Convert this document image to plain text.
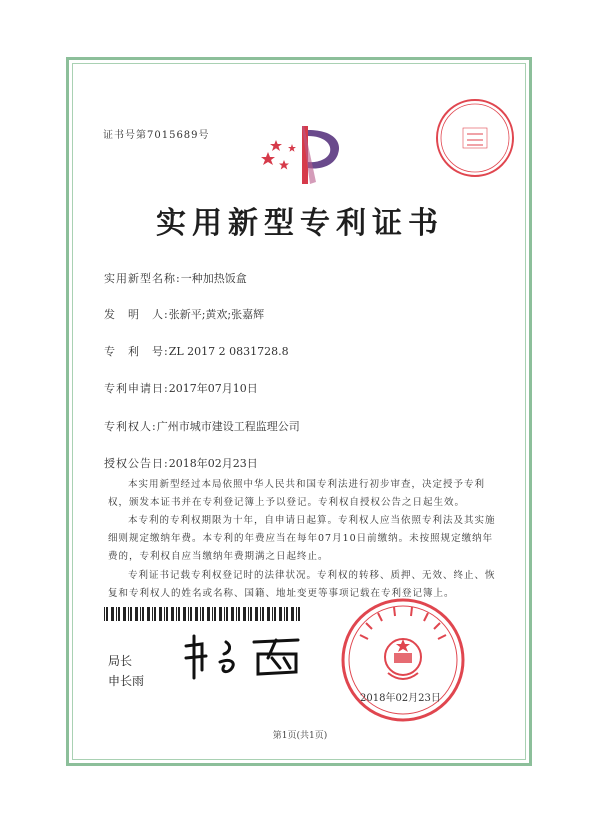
证书号第7015689号
实用新型专利证书
实用新型名称:一种加热饭盒
发　明　人:张新平;黄欢;张嘉辉
专　利　号:ZL 2017 2 0831728.8
专利申请日:2017年07月10日
专利权人:广州市城市建设工程监理公司
授权公告日:2018年02月23日

本实用新型经过本局依照中华人民共和国专利法进行初步审查，决定授予专利权，颁发本证书并在专利登记簿上予以登记。专利权自授权公告之日起生效。

本专利的专利权期限为十年，自申请日起算。专利权人应当依照专利法及其实施细则规定缴纳年费。本专利的年费应当在每年07月10日前缴纳。未按照规定缴纳年费的，专利权自应当缴纳年费期满之日起终止。

专利证书记载专利权登记时的法律状况。专利权的转移、质押、无效、终止、恢复和专利权人的姓名或名称、国籍、地址变更等事项记载在专利登记簿上。

局长
申长雨
2018年02月23日
第1页(共1页)
